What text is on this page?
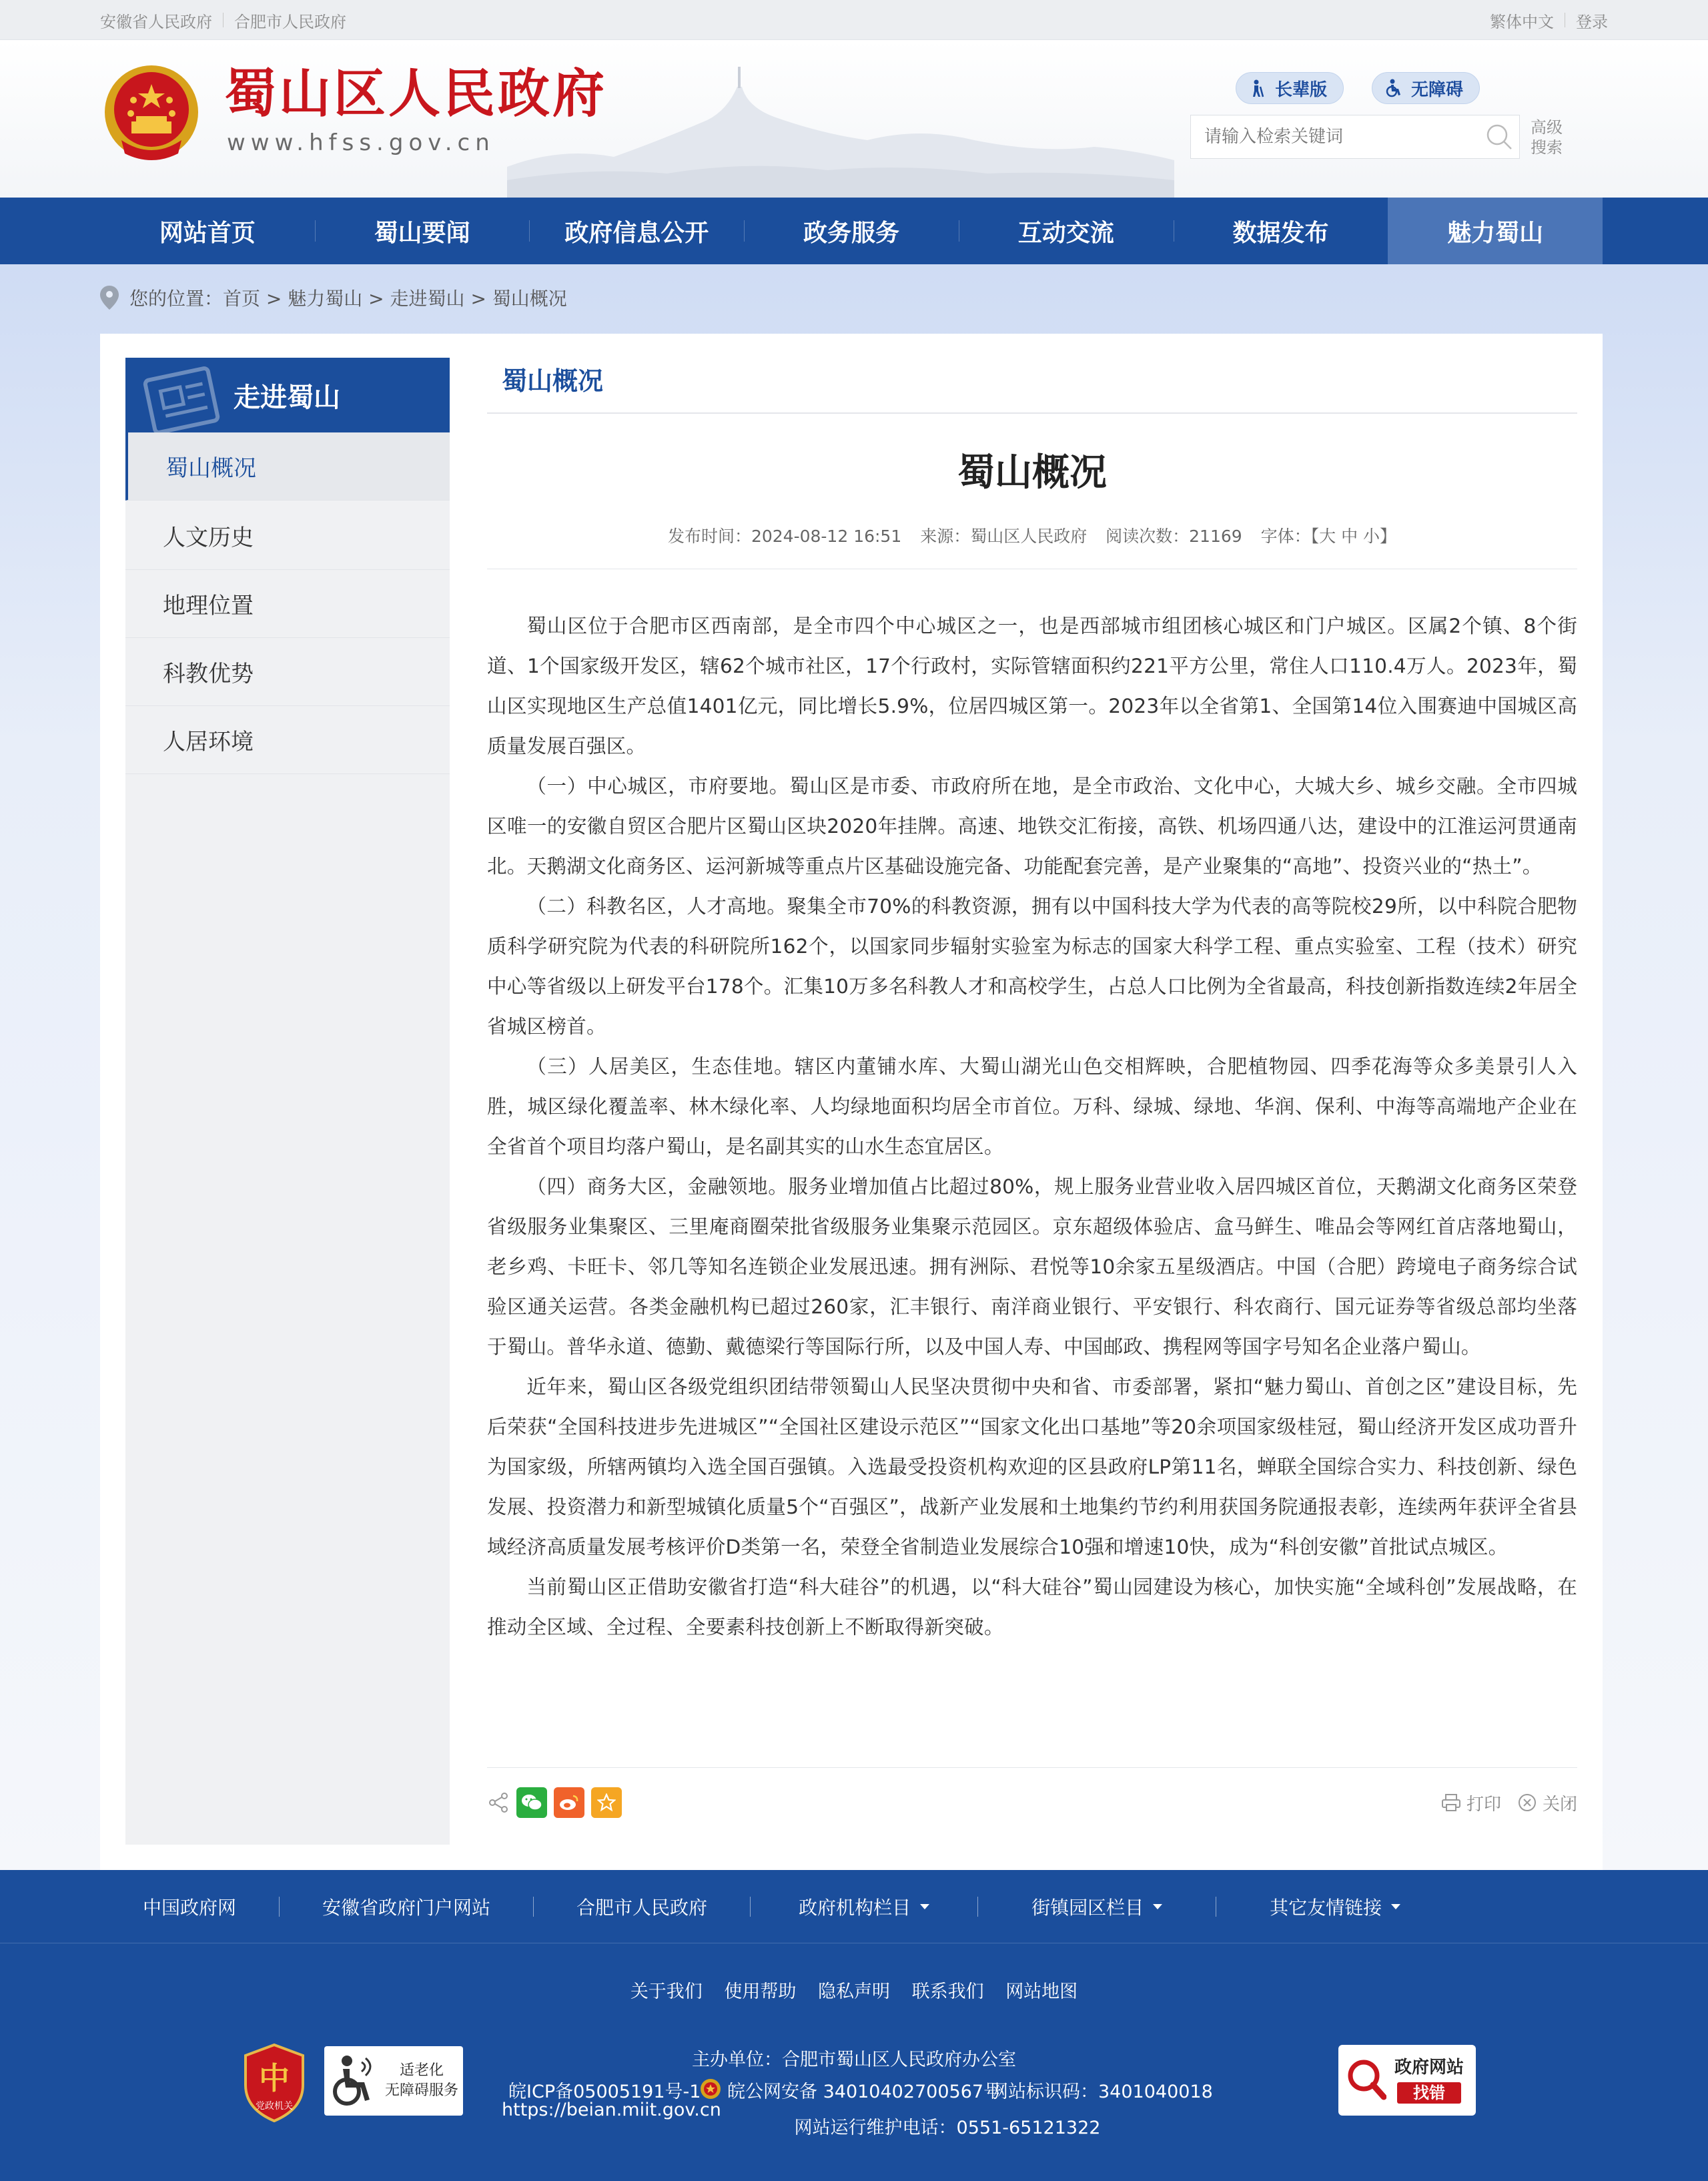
安徽省人民政府 合肥市人民政府	繁体中文 登录
蜀山区人民政府
www.hfss.gov.cn
长辈版	无障碍
请输入检索关键词
高级搜索
网站首页	蜀山要闻	政府信息公开	政务服务	互动交流	数据发布	魅力蜀山
您的位置： 首页 > 魅力蜀山 > 走进蜀山 > 蜀山概况
走进蜀山
蜀山概况
人文历史
地理位置
科教优势
人居环境
蜀山概况
蜀山概况
发布时间：2024-08-12 16:51 来源：蜀山区人民政府 阅读次数：21169 字体：【大 中 小】

蜀山区位于合肥市区西南部，是全市四个中心城区之一，也是西部城市组团核心城区和门户城区。区属2个镇、8个街道、1个国家级开发区，辖62个城市社区，17个行政村，实际管辖面积约221平方公里，常住人口110.4万人。2023年，蜀山区实现地区生产总值1401亿元，同比增长5.9%，位居四城区第一。2023年以全省第1、全国第14位入围赛迪中国城区高质量发展百强区。

（一）中心城区，市府要地。蜀山区是市委、市政府所在地，是全市政治、文化中心，大城大乡、城乡交融。全市四城区唯一的安徽自贸区合肥片区蜀山区块2020年挂牌。高速、地铁交汇衔接，高铁、机场四通八达，建设中的江淮运河贯通南北。天鹅湖文化商务区、运河新城等重点片区基础设施完备、功能配套完善，是产业聚集的“高地”、投资兴业的“热土”。

（二）科教名区，人才高地。聚集全市70%的科教资源，拥有以中国科技大学为代表的高等院校29所，以中科院合肥物质科学研究院为代表的科研院所162个，以国家同步辐射实验室为标志的国家大科学工程、重点实验室、工程（技术）研究中心等省级以上研发平台178个。汇集10万多名科教人才和高校学生，占总人口比例为全省最高，科技创新指数连续2年居全省城区榜首。

（三）人居美区，生态佳地。辖区内董铺水库、大蜀山湖光山色交相辉映，合肥植物园、四季花海等众多美景引人入胜，城区绿化覆盖率、林木绿化率、人均绿地面积均居全市首位。万科、绿城、绿地、华润、保利、中海等高端地产企业在全省首个项目均落户蜀山，是名副其实的山水生态宜居区。

（四）商务大区，金融领地。服务业增加值占比超过80%，规上服务业营业收入居四城区首位，天鹅湖文化商务区荣登省级服务业集聚区、三里庵商圈荣批省级服务业集聚示范园区。京东超级体验店、盒马鲜生、唯品会等网红首店落地蜀山，老乡鸡、卡旺卡、邻几等知名连锁企业发展迅速。拥有洲际、君悦等10余家五星级酒店。中国（合肥）跨境电子商务综合试验区通关运营。各类金融机构已超过260家，汇丰银行、南洋商业银行、平安银行、科农商行、国元证券等省级总部均坐落于蜀山。普华永道、德勤、戴德梁行等国际行所，以及中国人寿、中国邮政、携程网等国字号知名企业落户蜀山。

近年来，蜀山区各级党组织团结带领蜀山人民坚决贯彻中央和省、市委部署，紧扣“魅力蜀山、首创之区”建设目标，先后荣获“全国科技进步先进城区”“全国社区建设示范区”“国家文化出口基地”等20余项国家级桂冠，蜀山经济开发区成功晋升为国家级，所辖两镇均入选全国百强镇。入选最受投资机构欢迎的区县政府LP第11名，蝉联全国综合实力、科技创新、绿色发展、投资潜力和新型城镇化质量5个“百强区”，战新产业发展和土地集约节约利用获国务院通报表彰，连续两年获评全省县域经济高质量发展考核评价D类第一名，荣登全省制造业发展综合10强和增速10快，成为“科创安徽”首批试点城区。

当前蜀山区正借助安徽省打造“科大硅谷”的机遇，以“科大硅谷”蜀山园建设为核心，加快实施“全域科创”发展战略，在推动全区域、全过程、全要素科技创新上不断取得新突破。

打印 关闭
中国政府网	安徽省政府门户网站	合肥市人民政府	政府机构栏目	街镇园区栏目	其它友情链接
关于我们 使用帮助 隐私声明 联系我们 网站地图
主办单位：合肥市蜀山区人民政府办公室
皖ICP备05005191号-1
https://beian.miit.gov.cn
皖公网安备 34010402700567号
网站标识码：3401040018
网站运行维护电话：0551-65121322
中
党政机关
适老化
无障碍服务
政府网站
找错
